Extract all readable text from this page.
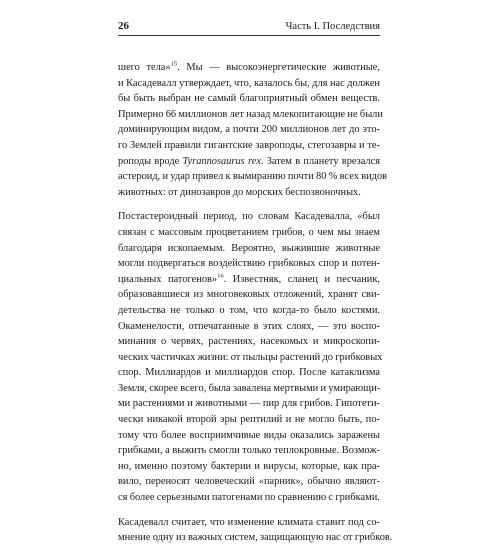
26	Часть I. Последствия

шего тела»$^{15}$. Мы — высокоэнергетические животные,
и Касадевалл утверждает, что, казалось бы, для нас должен
бы быть выбран не самый благоприятный обмен веществ.
Примерно 66 миллионов лет назад млекопитающие не были
доминирующим видом, а почти 200 миллионов лет до это-
го Землей правили гигантские завроподы, стегозавры и те-
роподы вроде Tyrannosaurus rex. Затем в планету врезался
астероид, и удар привел к вымиранию почти 80 % всех видов
животных: от динозавров до морских беспозвоночных.

Постастероидный период, по словам Касадевалла, «был
связан с массовым процветанием грибов, о чем мы знаем
благодаря ископаемым. Вероятно, выжившие животные
могли подвергаться воздействию грибковых спор и потен-
циальных патогенов»$^{16}$. Известняк, сланец и песчаник,
образовавшиеся из многовековых отложений, хранят сви-
детельства не только о том, что когда-то было костями.
Окаменелости, отпечатанные в этих слоях, — это воспо-
минания о червях, растениях, насекомых и микроскопи-
ческих частичках жизни: от пыльцы растений до грибковых
спор. Миллиардов и миллиардов спор. После катаклизма
Земля, скорее всего, была завалена мертвыми и умирающи-
ми растениями и животными — пир для грибов. Гипотети-
чески никакой второй эры рептилий и не могло быть, по-
тому что более восприимчивые виды оказались заражены
грибками, а выжить смогли только теплокровные. Возмож-
но, именно поэтому бактерии и вирусы, которые, как пра-
вило, переносят человеческий «парник», обычно являют-
ся более серьезными патогенами по сравнению с грибками.

Касадевалл считает, что изменение климата ставит под со-
мнение одну из важных систем, защищающую нас от грибков.
